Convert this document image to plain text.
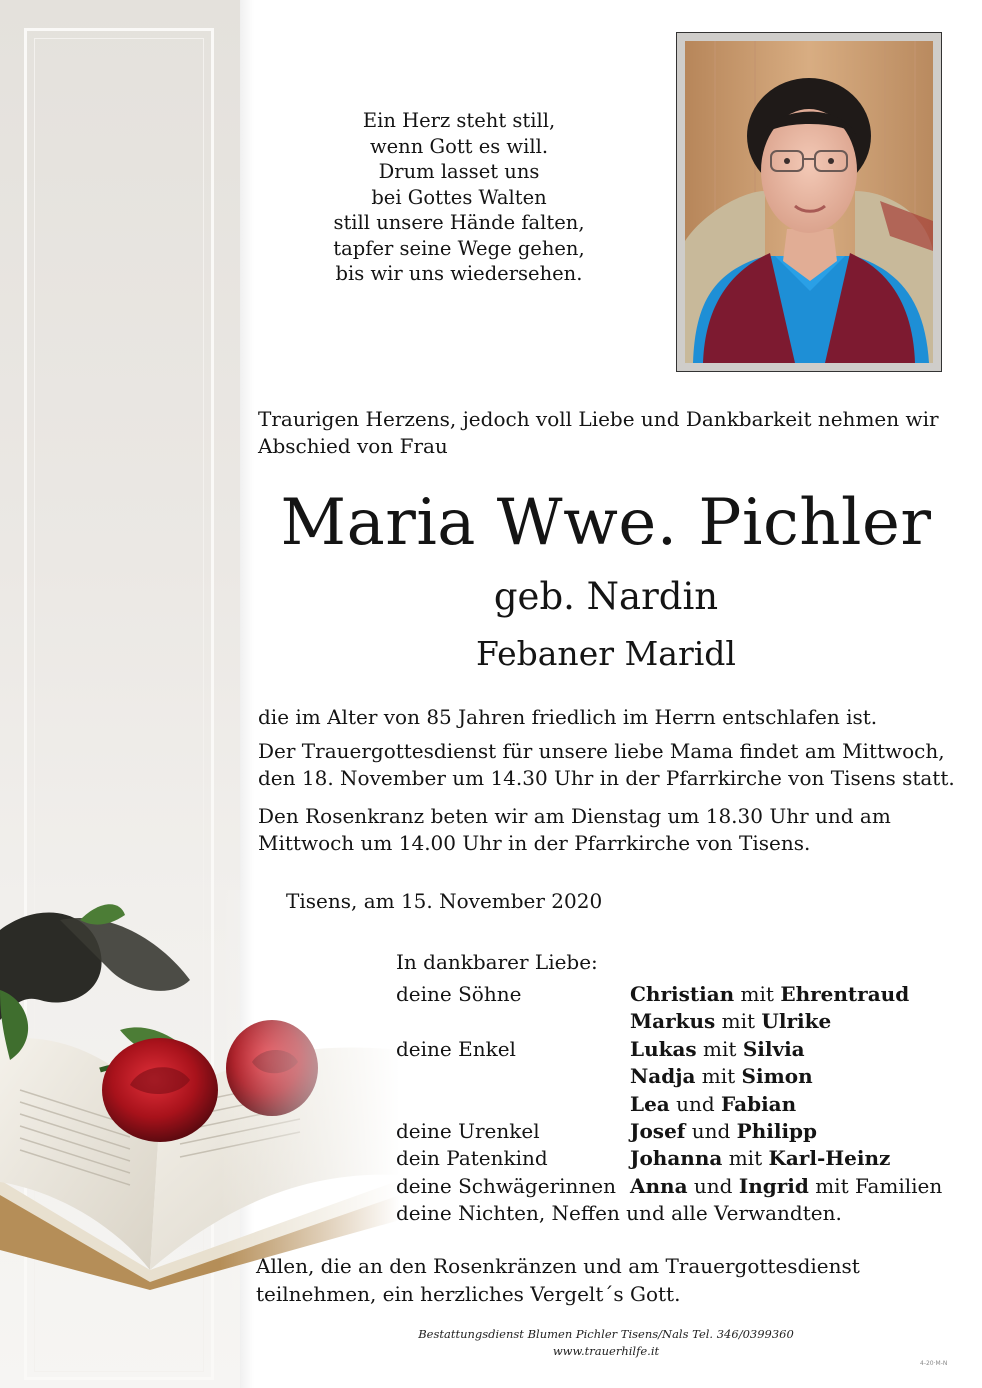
Ein Herz steht still,
wenn Gott es will.
Drum lasset uns
bei Gottes Walten
still unsere Hände falten,
tapfer seine Wege gehen,
bis wir uns wiedersehen.
Traurigen Herzens, jedoch voll Liebe und Dankbarkeit nehmen wir Abschied von Frau
Maria Wwe. Pichler
geb. Nardin
Febaner Maridl
die im Alter von 85 Jahren friedlich im Herrn entschlafen ist.
Der Trauergottesdienst für unsere liebe Mama findet am Mittwoch, den 18. November um 14.30 Uhr in der Pfarrkirche von Tisens statt.
Den Rosenkranz beten wir am Dienstag um 18.30 Uhr und am Mittwoch um 14.00 Uhr in der Pfarrkirche von Tisens.
Tisens, am 15. November 2020
In dankbarer Liebe:
deine Söhne	Christian mit Ehrentraud
Markus mit Ulrike
deine Enkel	Lukas mit Silvia
Nadja mit Simon
Lea und Fabian
deine Urenkel	Josef und Philipp
dein Patenkind	Johanna mit Karl-Heinz
deine Schwägerinnen Anna und Ingrid mit Familien
deine Nichten, Neffen und alle Verwandten.
Allen, die an den Rosenkränzen und am Trauergottesdienst teilnehmen, ein herzliches Vergelt´s Gott.
Bestattungsdienst Blumen Pichler Tisens/Nals Tel. 346/0399360
www.trauerhilfe.it
4-20·M-N
